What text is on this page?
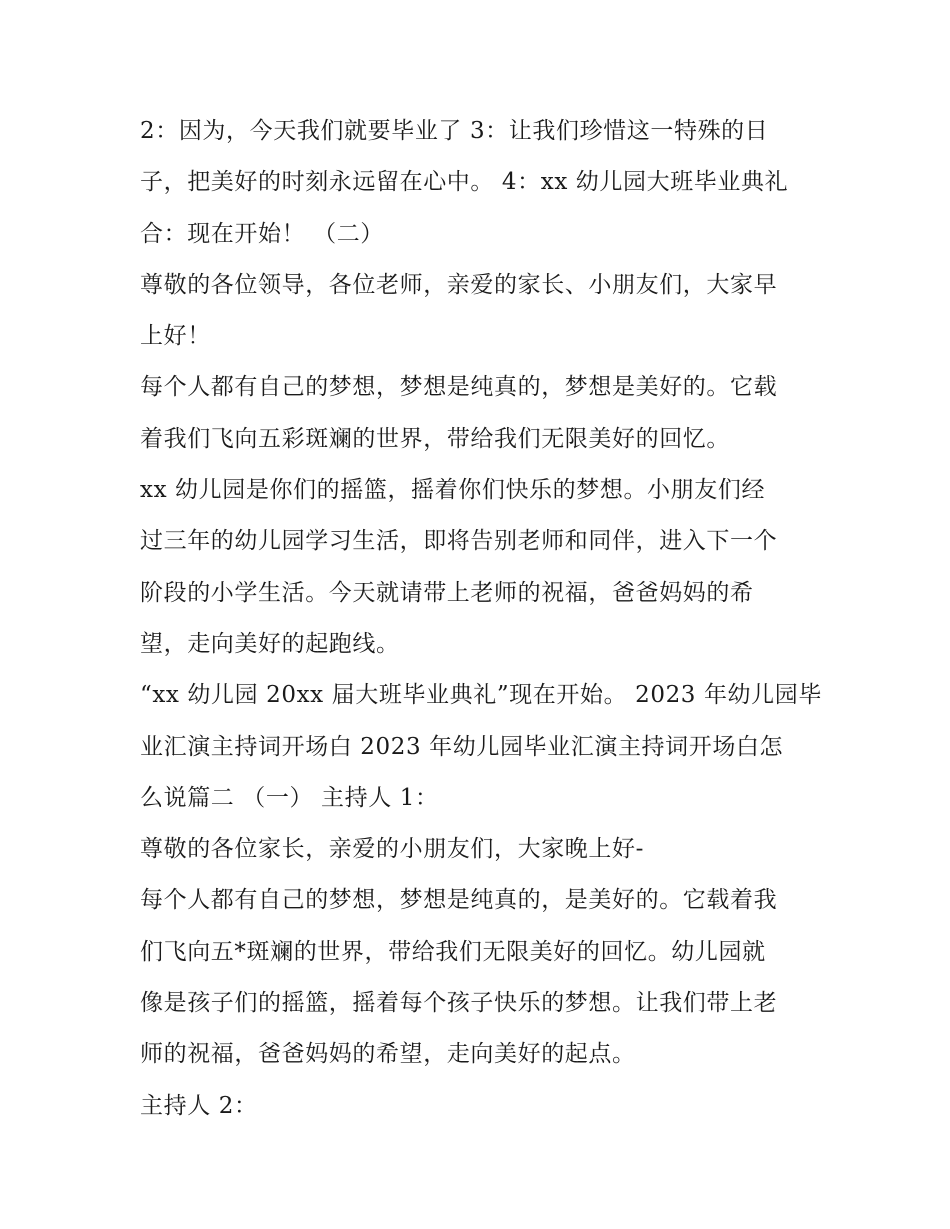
2：因为，今天我们就要毕业了 3：让我们珍惜这一特殊的日
子，把美好的时刻永远留在心中。 4：xx 幼儿园大班毕业典礼
合：现在开始！ （二）
尊敬的各位领导，各位老师，亲爱的家长、小朋友们，大家早
上好！
每个人都有自己的梦想，梦想是纯真的，梦想是美好的。它载
着我们飞向五彩斑斓的世界，带给我们无限美好的回忆。
xx 幼儿园是你们的摇篮，摇着你们快乐的梦想。小朋友们经
过三年的幼儿园学习生活，即将告别老师和同伴，进入下一个
阶段的小学生活。今天就请带上老师的祝福，爸爸妈妈的希
望，走向美好的起跑线。
“xx 幼儿园 20xx 届大班毕业典礼”现在开始。 2023 年幼儿园毕
业汇演主持词开场白 2023 年幼儿园毕业汇演主持词开场白怎
么说篇二 （一） 主持人 1：
尊敬的各位家长，亲爱的小朋友们，大家晚上好-
每个人都有自己的梦想，梦想是纯真的，是美好的。它载着我
们飞向五*斑斓的世界，带给我们无限美好的回忆。幼儿园就
像是孩子们的摇篮，摇着每个孩子快乐的梦想。让我们带上老
师的祝福，爸爸妈妈的希望，走向美好的起点。
主持人 2：
